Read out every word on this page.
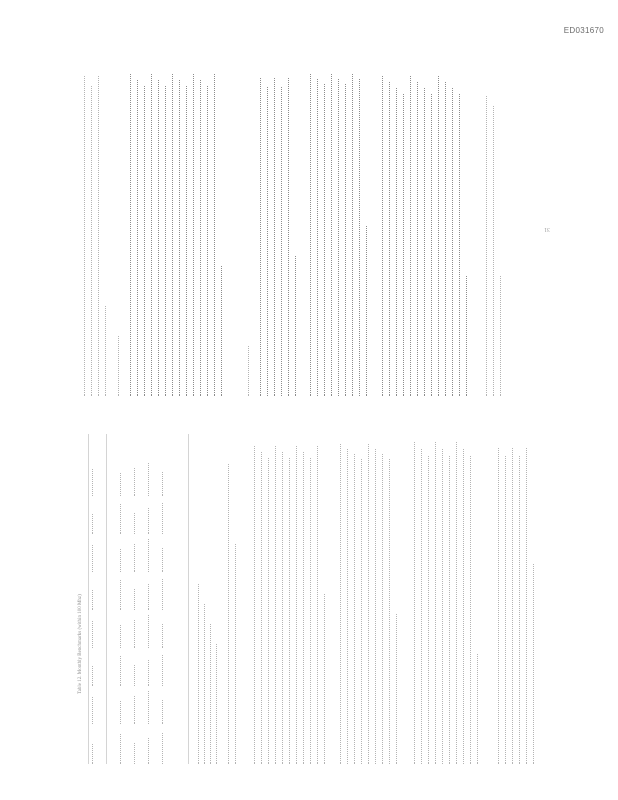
ED031670
Table 12. Monthly Benchmarks (within 100 Mhz)
31
